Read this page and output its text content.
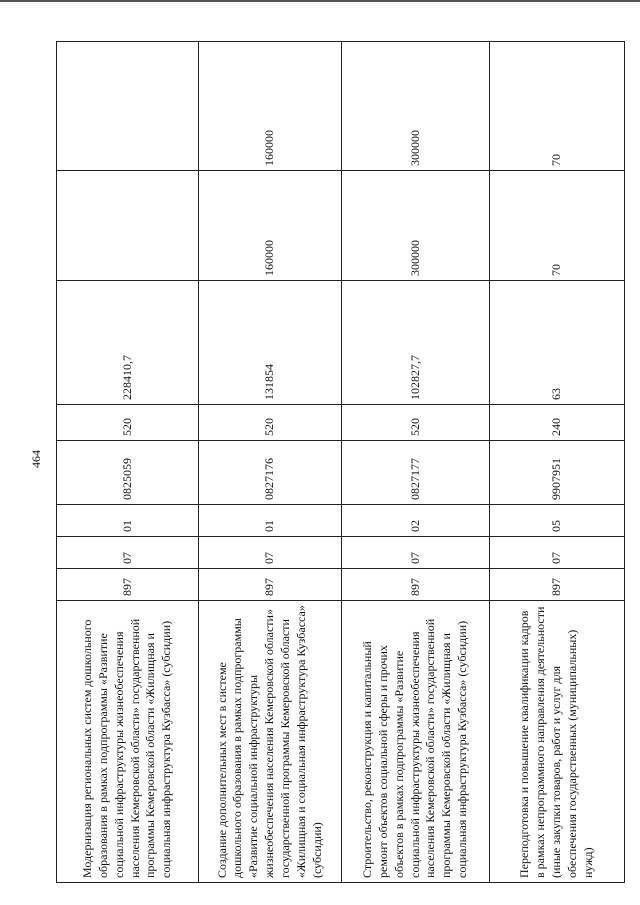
464
Модернизация региональных систем дошкольного образования в рамках подпрограммы «Развитие социальной инфраструктуры жизнеобеспечения населения Кемеровской области» государственной программы Кемеровской области «Жилищная и социальная инфраструктура Кузбасса» (субсидии)	897	07	01	0825059	520	228410,7		
Создание дополнительных мест в системе дошкольного образования в рамках подпрограммы «Развитие социальной инфраструктуры жизнеобеспечения населения Кемеровской области» государственной программы Кемеровской области «Жилищная и социальная инфраструктура Кузбасса» (субсидии)	897	07	01	0827176	520	131854	160000	160000
Строительство, реконструкция и капитальный ремонт объектов социальной сферы и прочих объектов в рамках подпрограммы «Развитие социальной инфраструктуры жизнеобеспечения населения Кемеровской области» государственной программы Кемеровской области «Жилищная и социальная инфраструктура Кузбасса» (субсидии)	897	07	02	0827177	520	102827,7	300000	300000
Переподготовка и повышение квалификации кадров в рамках непрограммного направления деятельности (иные закупки товаров, работ и услуг для обеспечения государственных (муниципальных) нужд)	897	07	05	9907951	240	63	70	70
